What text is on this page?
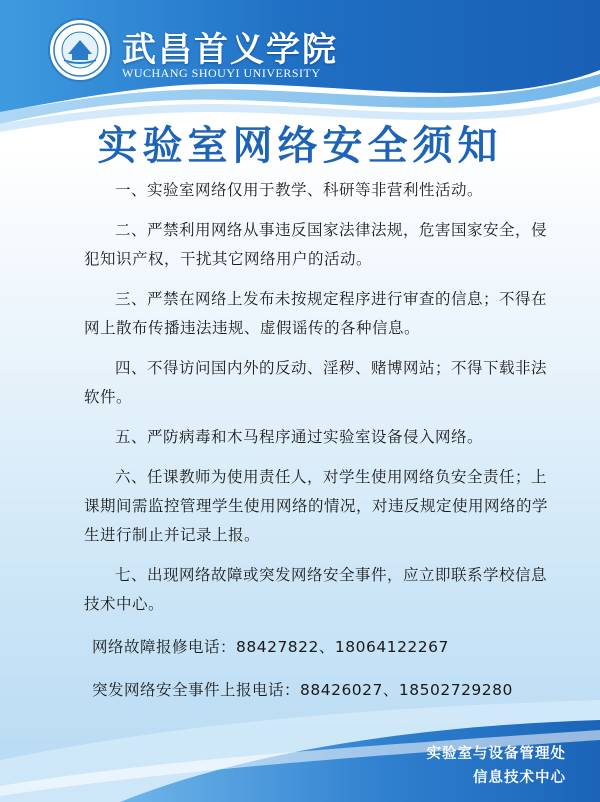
武昌首义学院
WUCHANG SHOUYI UNIVERSITY
实验室网络安全须知

一、实验室网络仅用于教学、科研等非营利性活动。

二、严禁利用网络从事违反国家法律法规，危害国家安全，侵犯知识产权，干扰其它网络用户的活动。

三、严禁在网络上发布未按规定程序进行审查的信息；不得在网上散布传播违法违规、虚假谣传的各种信息。

四、不得访问国内外的反动、淫秽、赌博网站；不得下载非法软件。

五、严防病毒和木马程序通过实验室设备侵入网络。

六、任课教师为使用责任人，对学生使用网络负安全责任；上课期间需监控管理学生使用网络的情况，对违反规定使用网络的学生进行制止并记录上报。

七、出现网络故障或突发网络安全事件，应立即联系学校信息技术中心。

网络故障报修电话：88427822、18064122267
突发网络安全事件上报电话：88426027、18502729280
实验室与设备管理处
信息技术中心
